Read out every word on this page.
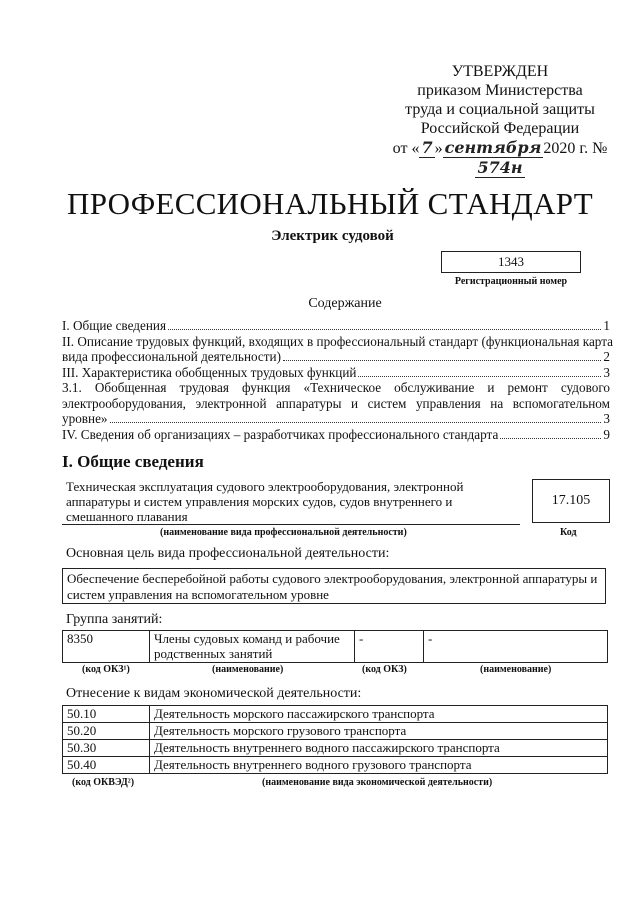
УТВЕРЖДЕН
приказом Министерства
труда и социальной защиты
Российской Федерации
от « 7 » сентября 2020 г. № 574н
ПРОФЕССИОНАЛЬНЫЙ СТАНДАРТ
Электрик судовой
1343
Регистрационный номер
Содержание
I. Общие сведения	1
II. Описание трудовых функций, входящих в профессиональный стандарт (функциональная карта
вида профессиональной деятельности)	2
III. Характеристика обобщенных трудовых функций	3
3.1. Обобщенная трудовая функция «Техническое обслуживание и ремонт судового электрооборудования, электронной аппаратуры и систем управления на вспомогательном
уровне»	3
IV. Сведения об организациях – разработчиках профессионального стандарта	9
I. Общие сведения
Техническая эксплуатация судового электрооборудования, электронной аппаратуры и систем управления морских судов, судов внутреннего и смешанного плавания
(наименование вида профессиональной деятельности)
17.105
Код
Основная цель вида профессиональной деятельности:
Обеспечение бесперебойной работы судового электрооборудования, электронной аппаратуры и систем управления на вспомогательном уровне
Группа занятий:
8350	Члены судовых команд и рабочие родственных занятий	-	-
(код ОКЗ¹)	(наименование)	(код ОКЗ)	(наименование)
Отнесение к видам экономической деятельности:
50.10	Деятельность морского пассажирского транспорта
50.20	Деятельность морского грузового транспорта
50.30	Деятельность внутреннего водного пассажирского транспорта
50.40	Деятельность внутреннего водного грузового транспорта
(код ОКВЭД²)	(наименование вида экономической деятельности)
